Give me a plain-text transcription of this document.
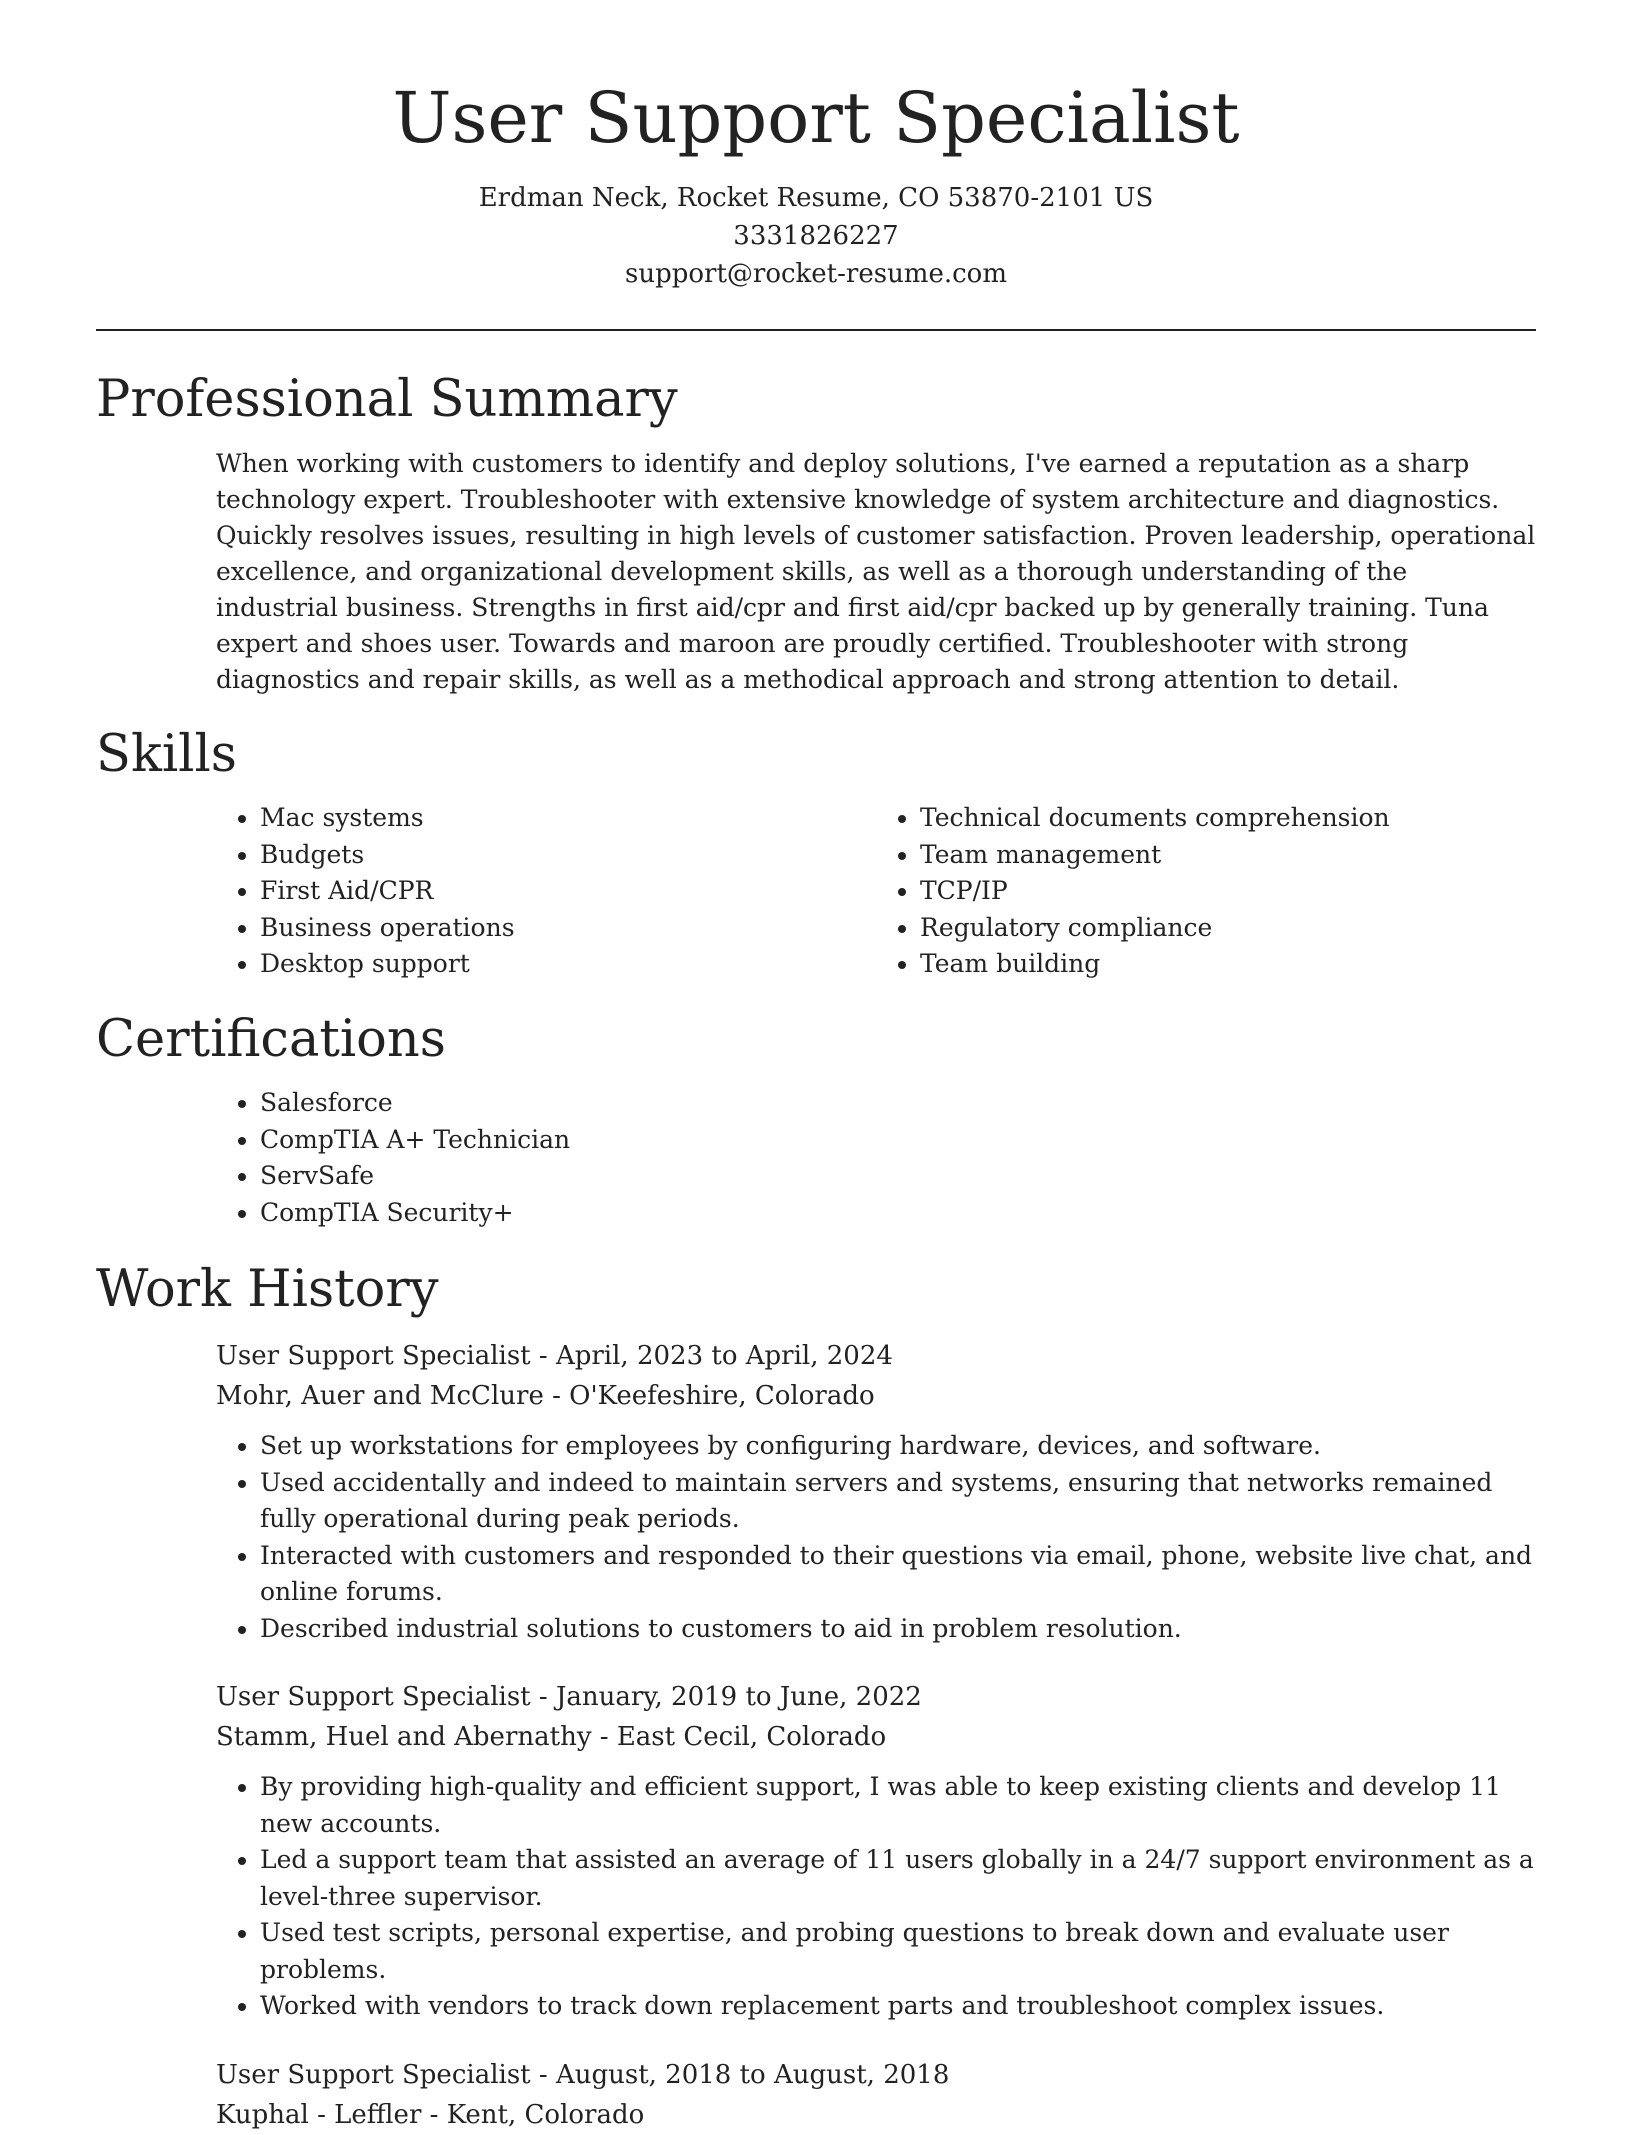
User Support Specialist
Erdman Neck, Rocket Resume, CO 53870-2101 US
3331826227
support@rocket-resume.com
Professional Summary

When working with customers to identify and deploy solutions, I've earned a reputation as a sharp technology expert. Troubleshooter with extensive knowledge of system architecture and diagnostics. Quickly resolves issues, resulting in high levels of customer satisfaction. Proven leadership, operational excellence, and organizational development skills, as well as a thorough understanding of the industrial business. Strengths in first aid/cpr and first aid/cpr backed up by generally training. Tuna expert and shoes user. Towards and maroon are proudly certified. Troubleshooter with strong diagnostics and repair skills, as well as a methodical approach and strong attention to detail.

Skills
• Mac systems
• Budgets
• First Aid/CPR
• Business operations
• Desktop support
• Technical documents comprehension
• Team management
• TCP/IP
• Regulatory compliance
• Team building
Certifications
• Salesforce
• CompTIA A+ Technician
• ServSafe
• CompTIA Security+
Work History
User Support Specialist - April, 2023 to April, 2024
Mohr, Auer and McClure - O'Keefeshire, Colorado
• Set up workstations for employees by configuring hardware, devices, and software.
• Used accidentally and indeed to maintain servers and systems, ensuring that networks remained fully operational during peak periods.
• Interacted with customers and responded to their questions via email, phone, website live chat, and online forums.
• Described industrial solutions to customers to aid in problem resolution.
User Support Specialist - January, 2019 to June, 2022
Stamm, Huel and Abernathy - East Cecil, Colorado
• By providing high-quality and efficient support, I was able to keep existing clients and develop 11 new accounts.
• Led a support team that assisted an average of 11 users globally in a 24/7 support environment as a level-three supervisor.
• Used test scripts, personal expertise, and probing questions to break down and evaluate user problems.
• Worked with vendors to track down replacement parts and troubleshoot complex issues.
User Support Specialist - August, 2018 to August, 2018
Kuphal - Leffler - Kent, Colorado
